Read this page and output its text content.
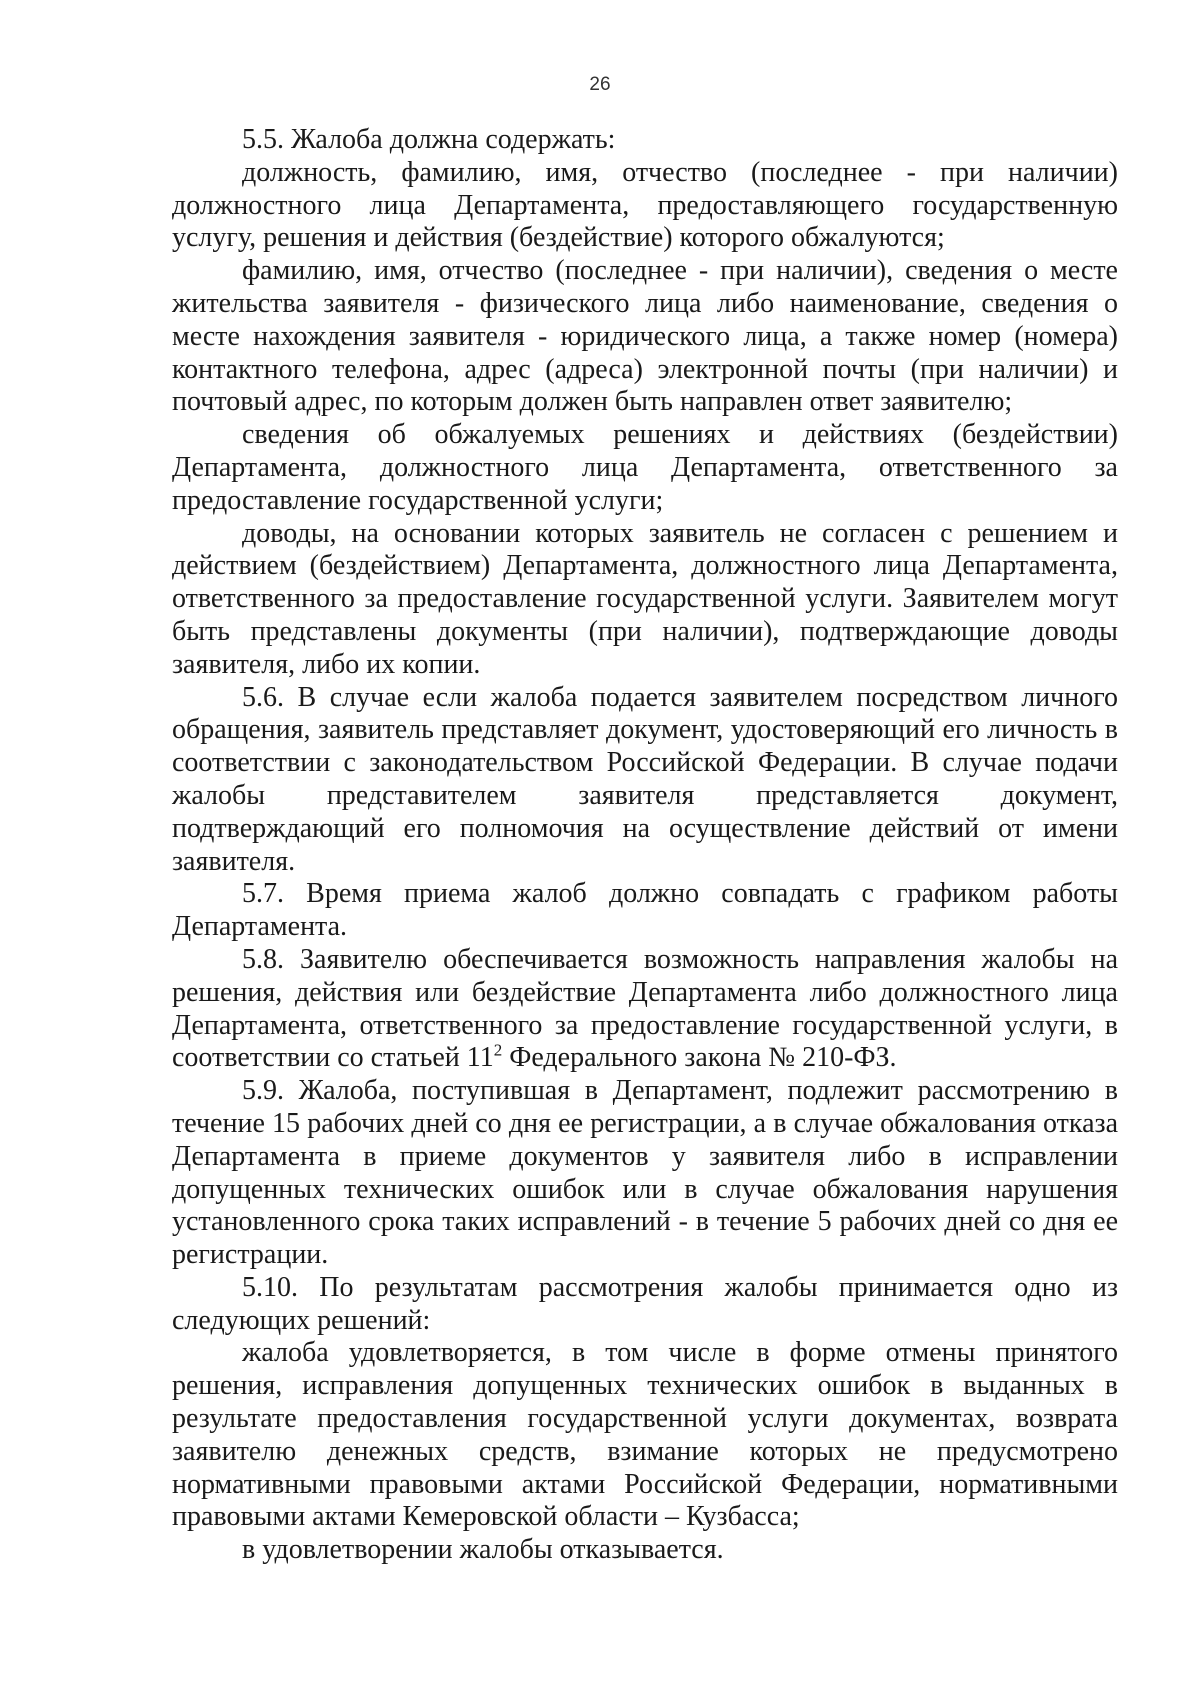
26

5.5. Жалоба должна содержать:

должность, фамилию, имя, отчество (последнее - при наличии) должностного лица Департамента, предоставляющего государственную услугу, решения и действия (бездействие) которого обжалуются;

фамилию, имя, отчество (последнее - при наличии), сведения о месте жительства заявителя - физического лица либо наименование, сведения о месте нахождения заявителя - юридического лица, а также номер (номера) контактного телефона, адрес (адреса) электронной почты (при наличии) и почтовый адрес, по которым должен быть направлен ответ заявителю;

сведения об обжалуемых решениях и действиях (бездействии) Департамента, должностного лица Департамента, ответственного за предоставление государственной услуги;

доводы, на основании которых заявитель не согласен с решением и действием (бездействием) Департамента, должностного лица Департамента, ответственного за предоставление государственной услуги. Заявителем могут быть представлены документы (при наличии), подтверждающие доводы заявителя, либо их копии.

5.6. В случае если жалоба подается заявителем посредством личного обращения, заявитель представляет документ, удостоверяющий его личность в соответствии с законодательством Российской Федерации. В случае подачи жалобы представителем заявителя представляется документ, подтверждающий его полномочия на осуществление действий от имени заявителя.

5.7. Время приема жалоб должно совпадать с графиком работы Департамента.

5.8. Заявителю обеспечивается возможность направления жалобы на решения, действия или бездействие Департамента либо должностного лица Департамента, ответственного за предоставление государственной услуги, в соответствии со статьей $11^2$ Федерального закона № 210-ФЗ.

5.9. Жалоба, поступившая в Департамент, подлежит рассмотрению в течение 15 рабочих дней со дня ее регистрации, а в случае обжалования отказа Департамента в приеме документов у заявителя либо в исправлении допущенных технических ошибок или в случае обжалования нарушения установленного срока таких исправлений - в течение 5 рабочих дней со дня ее регистрации.

5.10. По результатам рассмотрения жалобы принимается одно из следующих решений:

жалоба удовлетворяется, в том числе в форме отмены принятого решения, исправления допущенных технических ошибок в выданных в результате предоставления государственной услуги документах, возврата заявителю денежных средств, взимание которых не предусмотрено нормативными правовыми актами Российской Федерации, нормативными правовыми актами Кемеровской области – Кузбасса;

в удовлетворении жалобы отказывается.
